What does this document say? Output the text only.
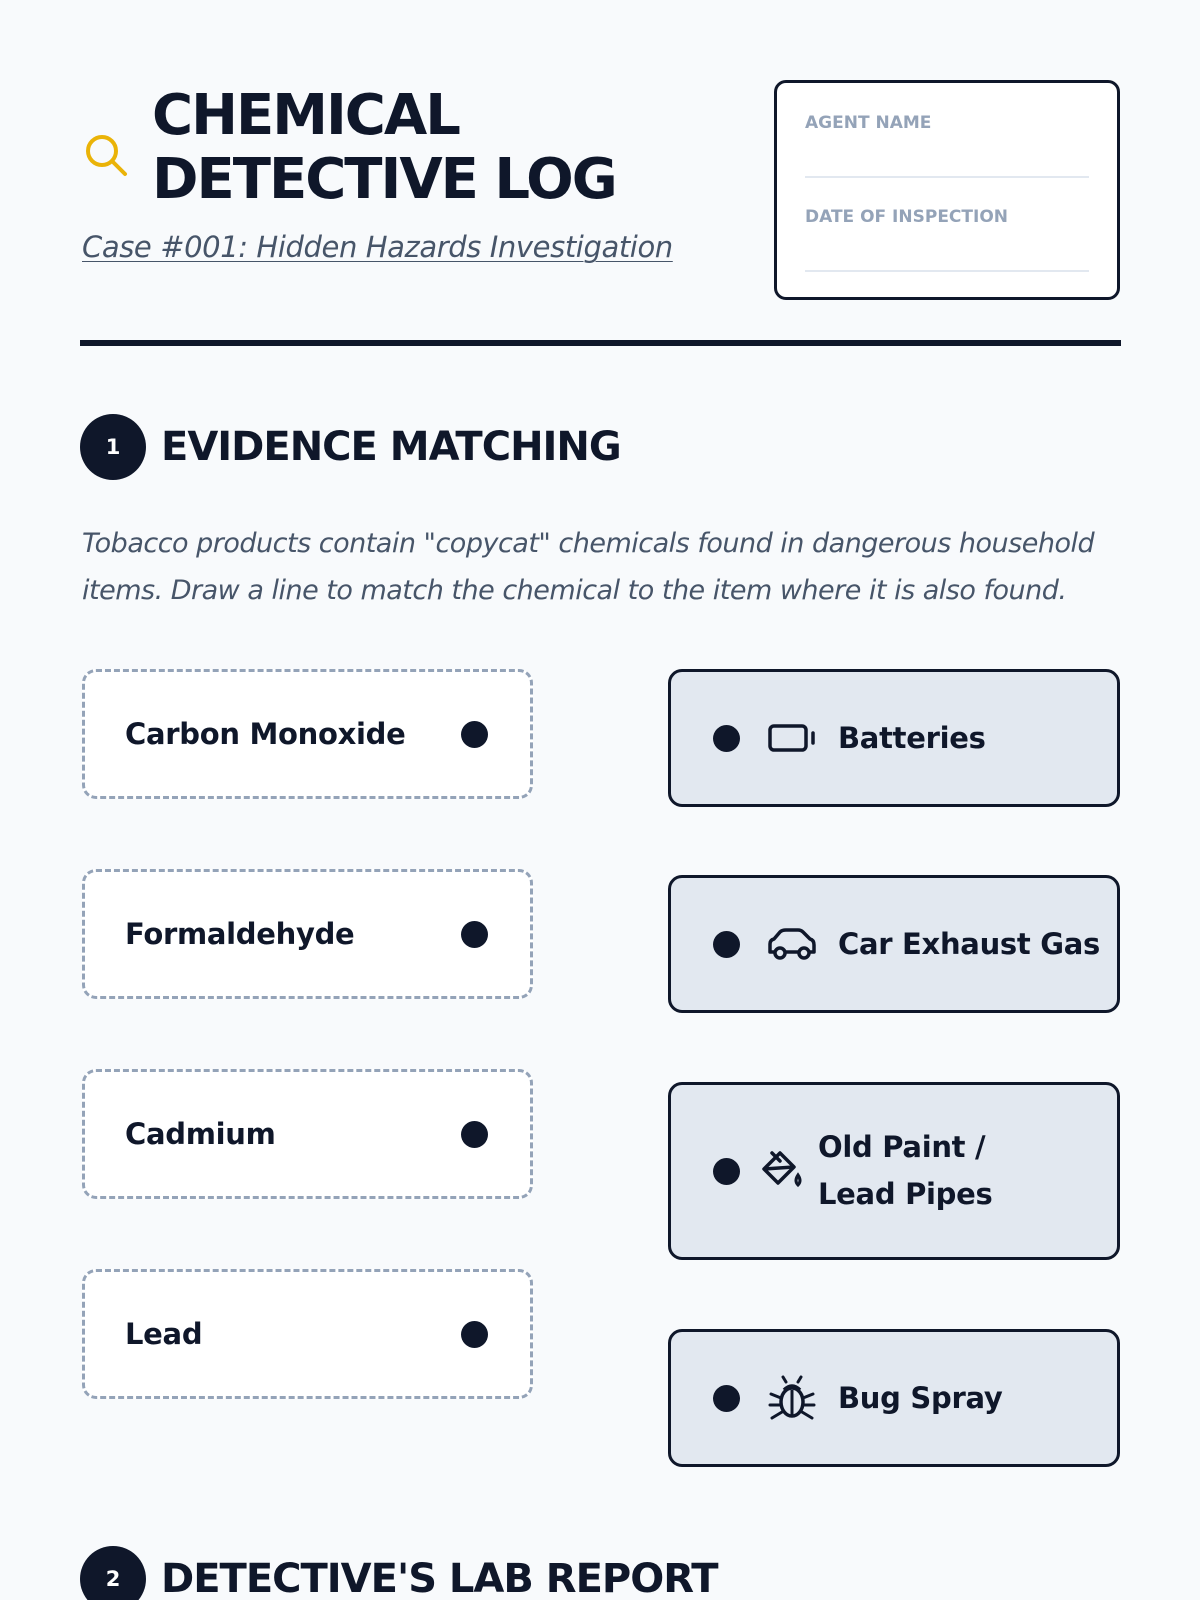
CHEMICAL
DETECTIVE LOG
Case #001: Hidden Hazards Investigation
AGENT NAME
DATE OF INSPECTION
1	EVIDENCE MATCHING
Tobacco products contain "copycat" chemicals found in dangerous household items. Draw a line to match the chemical to the item where it is also found.
Carbon Monoxide
Formaldehyde
Cadmium
Lead
Batteries
Car Exhaust Gas
Old Paint / Lead Pipes
Bug Spray
2	DETECTIVE'S LAB REPORT
